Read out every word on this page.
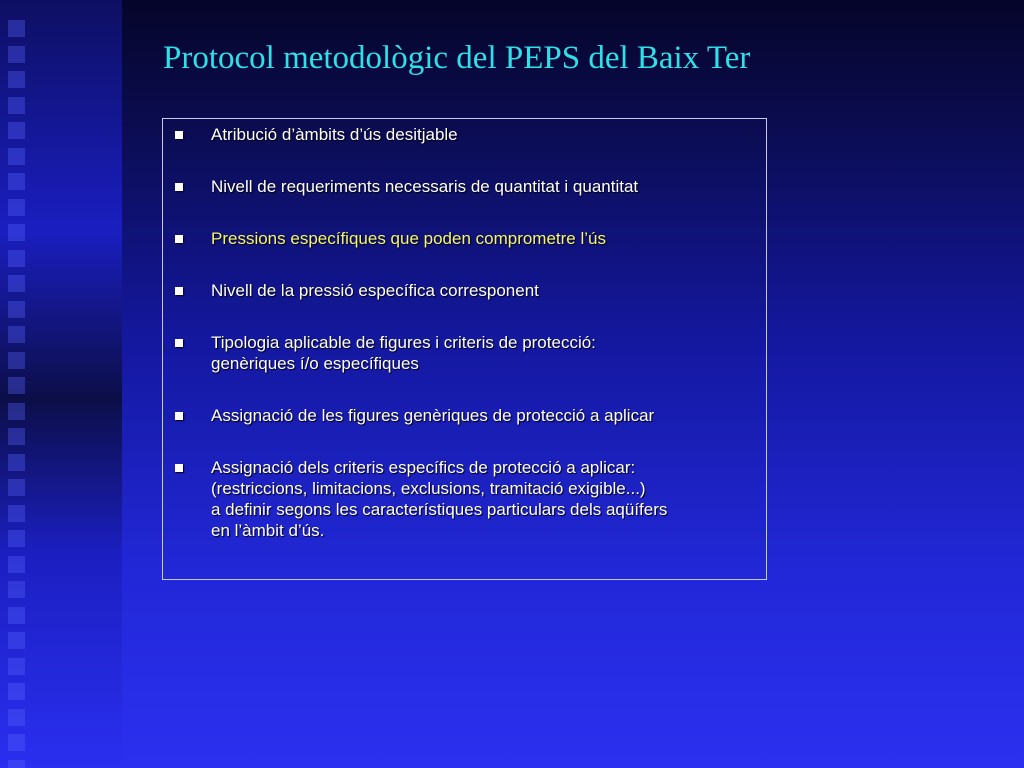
Protocol metodològic del PEPS del Baix Ter
Atribució d’àmbits d’ús desitjable
Nivell de requeriments necessaris de quantitat i quantitat
Pressions específiques que poden comprometre l’ús
Nivell de la pressió específica corresponent
Tipologia aplicable de figures i criteris de protecció:
genèriques í/o específiques
Assignació de les figures genèriques de protecció a aplicar
Assignació dels criteris específics de protecció a aplicar:
(restriccions, limitacions, exclusions, tramitació exigible...)
a definir segons les característiques particulars dels aqüífers
en l’àmbit d’ús.
